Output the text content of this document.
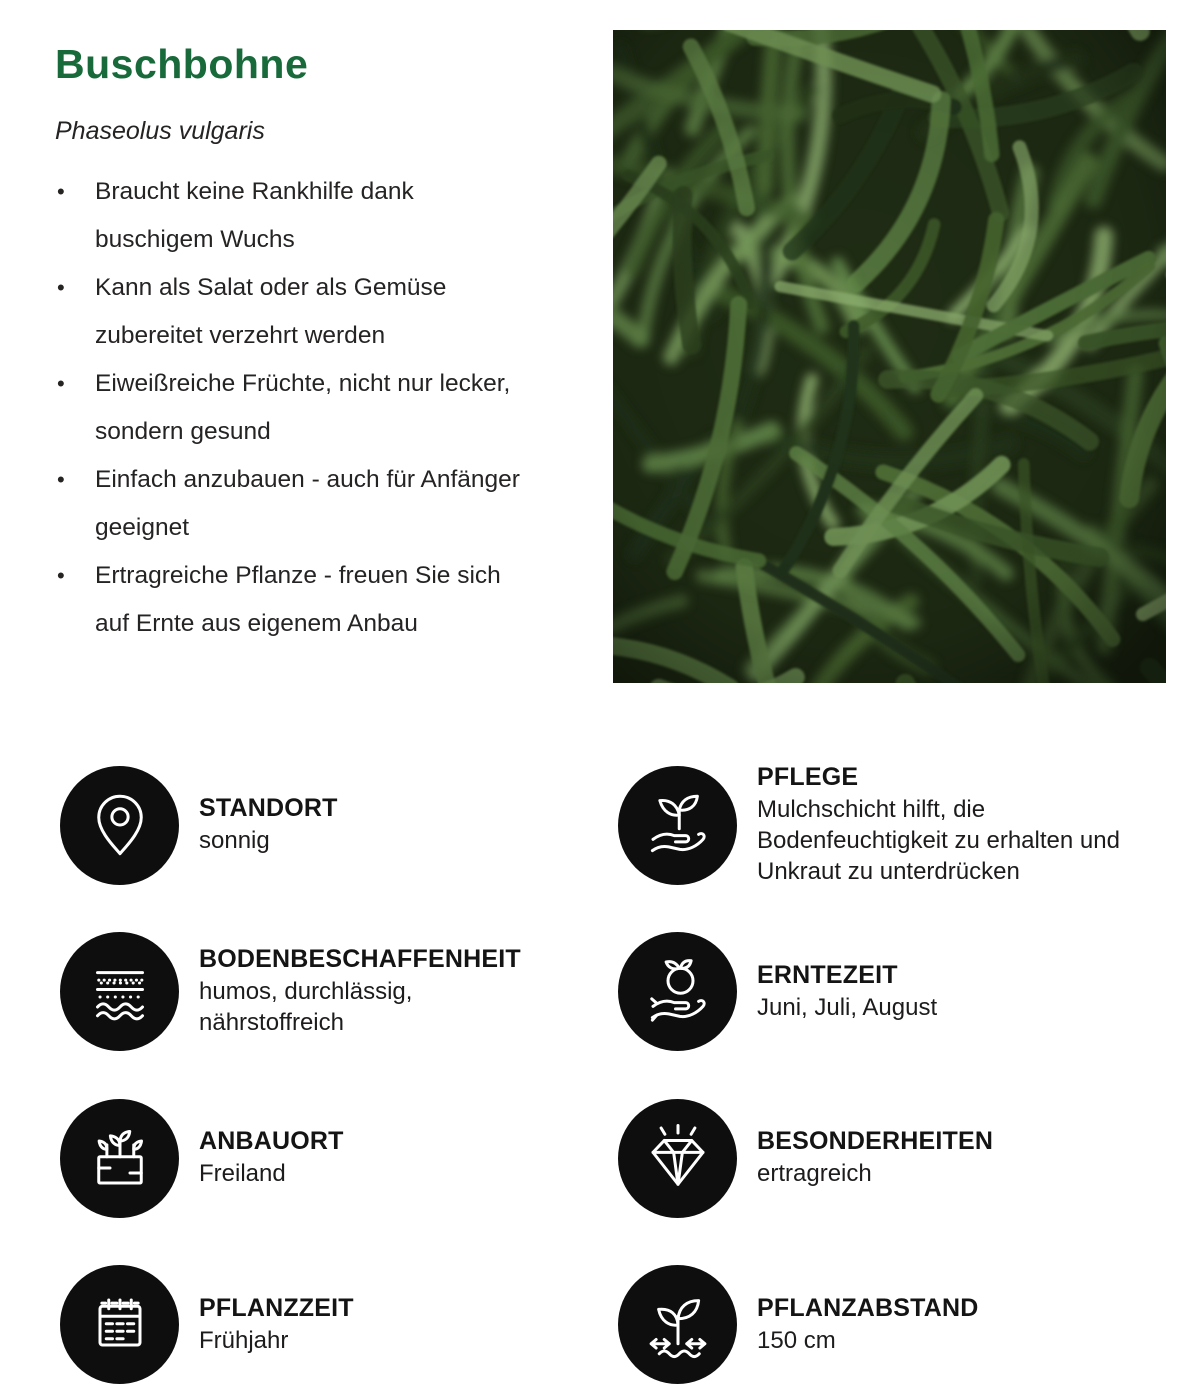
Buschbohne

Phaseolus vulgaris

• Braucht keine Rankhilfe dank buschigem Wuchs
• Kann als Salat oder als Gemüse zubereitet verzehrt werden
• Eiweißreiche Früchte, nicht nur lecker, sondern gesund
• Einfach anzubauen - auch für Anfänger geeignet
• Ertragreiche Pflanze - freuen Sie sich auf Ernte aus eigenem Anbau
STANDORT
sonnig
PFLEGE
Mulchschicht hilft, die Bodenfeuchtigkeit zu erhalten und Unkraut zu unterdrücken
BODENBESCHAFFENHEIT
humos, durchlässig, nährstoffreich
ERNTEZEIT
Juni, Juli, August
ANBAUORT
Freiland
BESONDERHEITEN
ertragreich
PFLANZZEIT
Frühjahr
PFLANZABSTAND
150 cm
